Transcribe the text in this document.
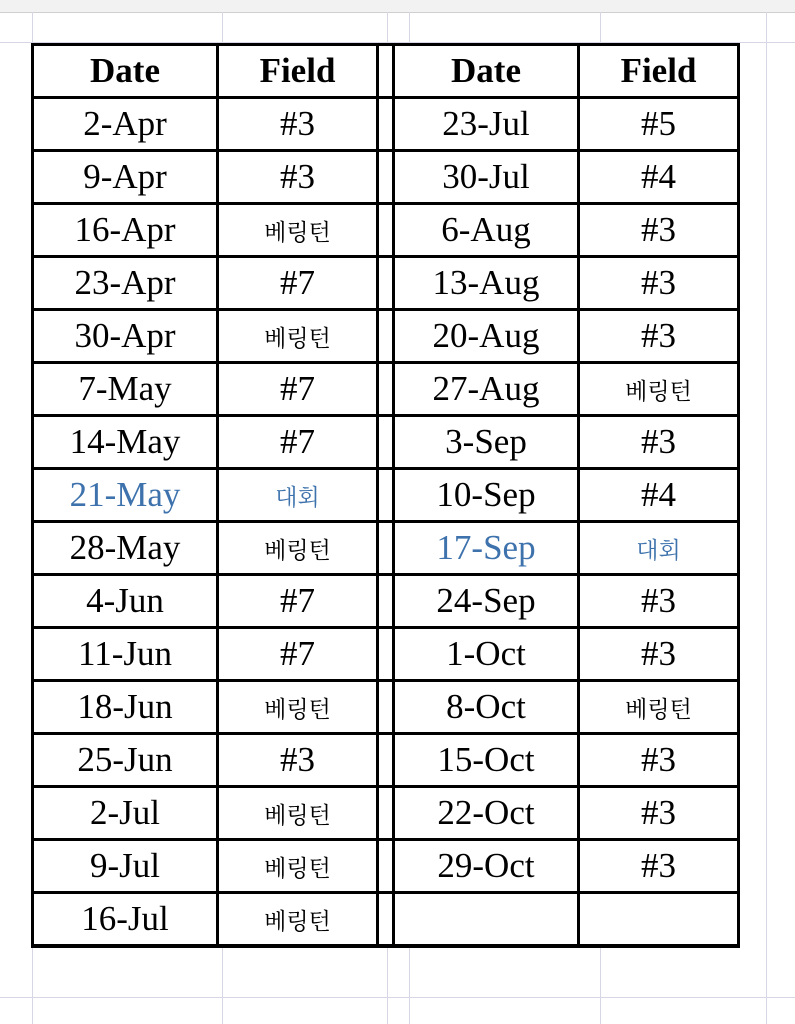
Date	Field		Date	Field
2-Apr	#3		23-Jul	#5
9-Apr	#3		30-Jul	#4
16-Apr	베링턴		6-Aug	#3
23-Apr	#7		13-Aug	#3
30-Apr	베링턴		20-Aug	#3
7-May	#7		27-Aug	베링턴
14-May	#7		3-Sep	#3
21-May	대회		10-Sep	#4
28-May	베링턴		17-Sep	대회
4-Jun	#7		24-Sep	#3
11-Jun	#7		1-Oct	#3
18-Jun	베링턴		8-Oct	베링턴
25-Jun	#3		15-Oct	#3
2-Jul	베링턴		22-Oct	#3
9-Jul	베링턴		29-Oct	#3
16-Jul	베링턴			
